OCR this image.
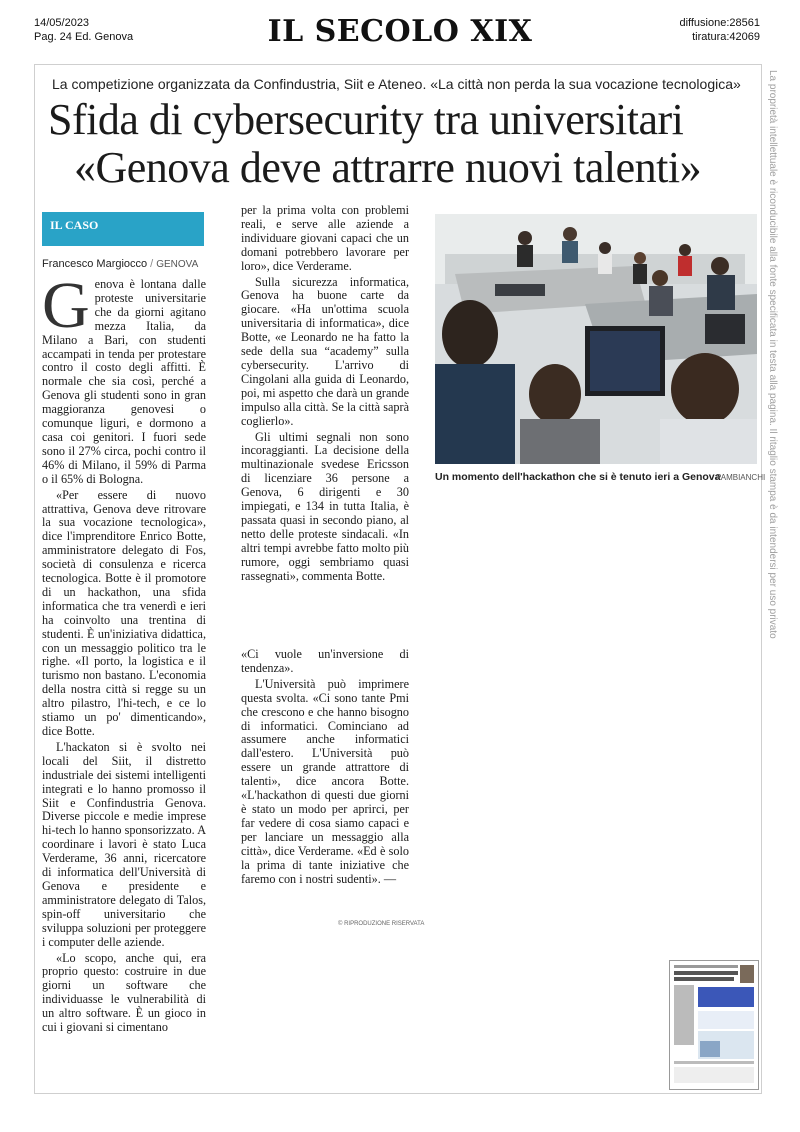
14/05/2023
Pag. 24 Ed. Genova	IL SECOLO XIX	diffusione:28561
tiratura:42069
La competizione organizzata da Confindustria, Siit e Ateneo. «La città non perda la sua vocazione tecnologica»
Sfida di cybersecurity tra universitari
«Genova deve attrarre nuovi talenti»	La proprietà intellettuale è riconducibile alla fonte specificata in testa alla pagina. Il ritaglio stampa è da intendersi per uso privato
IL CASO
Francesco Margiocco / GENOVA

Genova è lontana dalle proteste universitarie che da giorni agitano mezza Italia, da Milano a Bari, con studenti accampati in tenda per protestare contro il costo degli affitti. È normale che sia così, perché a Genova gli studenti sono in gran maggioranza genovesi o comunque liguri, e dormono a casa coi genitori. I fuori sede sono il 27% circa, pochi contro il 46% di Milano, il 59% di Parma o il 65% di Bologna.

«Per essere di nuovo attrattiva, Genova deve ritrovare la sua vocazione tecnologica», dice l'imprenditore Enrico Botte, amministratore delegato di Fos, società di consulenza e ricerca tecnologica. Botte è il promotore di un hackathon, una sfida informatica che tra venerdì e ieri ha coinvolto una trentina di studenti. È un'iniziativa didattica, con un messaggio politico tra le righe. «Il porto, la logistica e il turismo non bastano. L'economia della nostra città si regge su un altro pilastro, l'hi-tech, e ce lo stiamo un po' dimenticando», dice Botte.

L'hackaton si è svolto nei locali del Siit, il distretto industriale dei sistemi intelligenti integrati e lo hanno promosso il Siit e Confindustria Genova. Diverse piccole e medie imprese hi-tech lo hanno sponsorizzato. A coordinare i lavori è stato Luca Verderame, 36 anni, ricercatore di informatica dell'Università di Genova e presidente e amministratore delegato di Talos, spin-off universitario che sviluppa soluzioni per proteggere i computer delle aziende.

«Lo scopo, anche qui, era proprio questo: costruire in due giorni un software che individuasse le vulnerabilità di un altro software. È un gioco in cui i giovani si cimentano

per la prima volta con problemi reali, e serve alle aziende a individuare giovani capaci che un domani potrebbero lavorare per loro», dice Verderame.

Sulla sicurezza informatica, Genova ha buone carte da giocare. «Ha un'ottima scuola universitaria di informatica», dice Botte, «e Leonardo ne ha fatto la sede della sua “academy” sulla cybersecurity. L'arrivo di Cingolani alla guida di Leonardo, poi, mi aspetto che darà un grande impulso alla città. Se la città saprà coglierlo».

Gli ultimi segnali non sono incoraggianti. La decisione della multinazionale svedese Ericsson di licenziare 36 persone a Genova, 6 dirigenti e 30 impiegati, e 134 in tutta Italia, è passata quasi in secondo piano, al netto delle proteste sindacali. «In altri tempi avrebbe fatto molto più rumore, oggi sembriamo quasi rassegnati», commenta Botte.

«Ci vuole un'inversione di tendenza».

L'Università può imprimere questa svolta. «Ci sono tante Pmi che crescono e che hanno bisogno di informatici. Cominciano ad assumere anche informatici dall'estero. L'Università può essere un grande attrattore di talenti», dice ancora Botte. «L'hackathon di questi due giorni è stato un modo per aprirci, per far vedere di cosa siamo capaci e per lanciare un messaggio alla città», dice Verderame. «Ed è solo la prima di tante iniziative che faremo con i nostri sudenti». —

© RIPRODUZIONE RISERVATA
Un momento dell'hackathon che si è tenuto ieri a Genova
PAMBIANCHI
